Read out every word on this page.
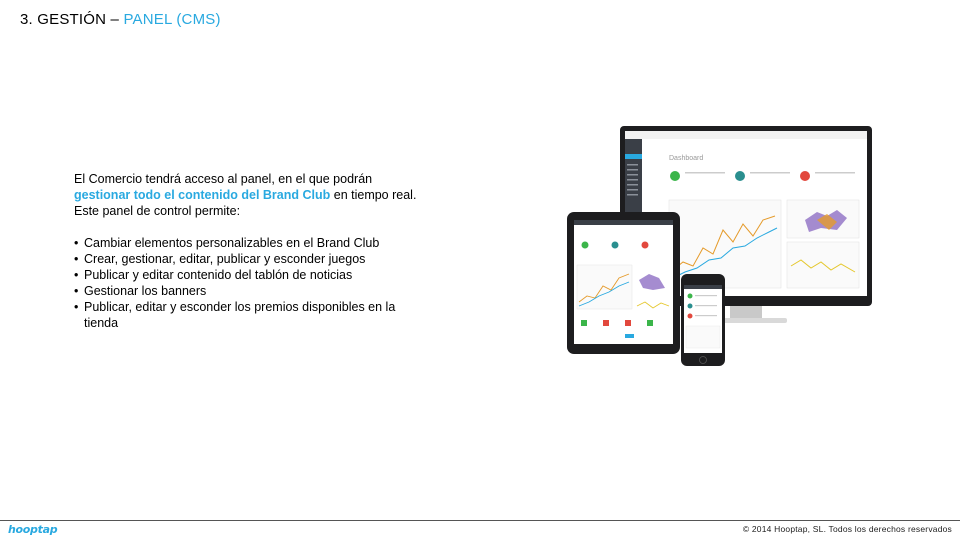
3. GESTIÓN – PANEL (CMS)

El Comercio tendrá acceso al panel, en el que podrán gestionar todo el contenido del Brand Club en tiempo real. Este panel de control permite:

• Cambiar elementos personalizables en el Brand Club
• Crear, gestionar, editar, publicar y esconder juegos
• Publicar y editar contenido del tablón de noticias
• Gestionar los banners
• Publicar, editar y esconder los premios disponibles en la tienda
Dashboard
hooptap	© 2014 Hooptap, SL. Todos los derechos reservados
